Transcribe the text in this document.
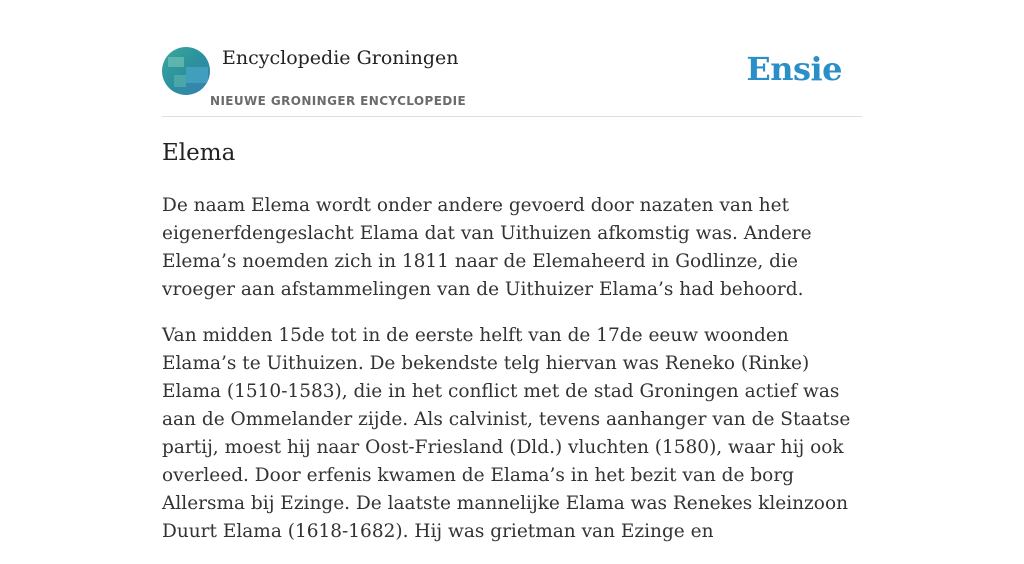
Encyclopedie Groningen
NIEUWE GRONINGER ENCYCLOPEDIE
Ensie
Elema

De naam Elema wordt onder andere gevoerd door nazaten van het eigenerfdengeslacht Elama dat van Uithuizen afkomstig was. Andere Elema’s noemden zich in 1811 naar de Elemaheerd in Godlinze, die vroeger aan afstammelingen van de Uithuizer Elama’s had behoord.

Van midden 15de tot in de eerste helft van de 17de eeuw woonden Elama’s te Uithuizen. De bekendste telg hiervan was Reneko (Rinke) Elama (1510-1583), die in het conflict met de stad Groningen actief was aan de Ommelander zijde. Als calvinist, tevens aanhanger van de Staatse partij, moest hij naar Oost-Friesland (Dld.) vluchten (1580), waar hij ook overleed. Door erfenis kwamen de Elama’s in het bezit van de borg Allersma bij Ezinge. De laatste mannelijke Elama was Renekes kleinzoon Duurt Elama (1618-1682). Hij was grietman van Ezinge en
